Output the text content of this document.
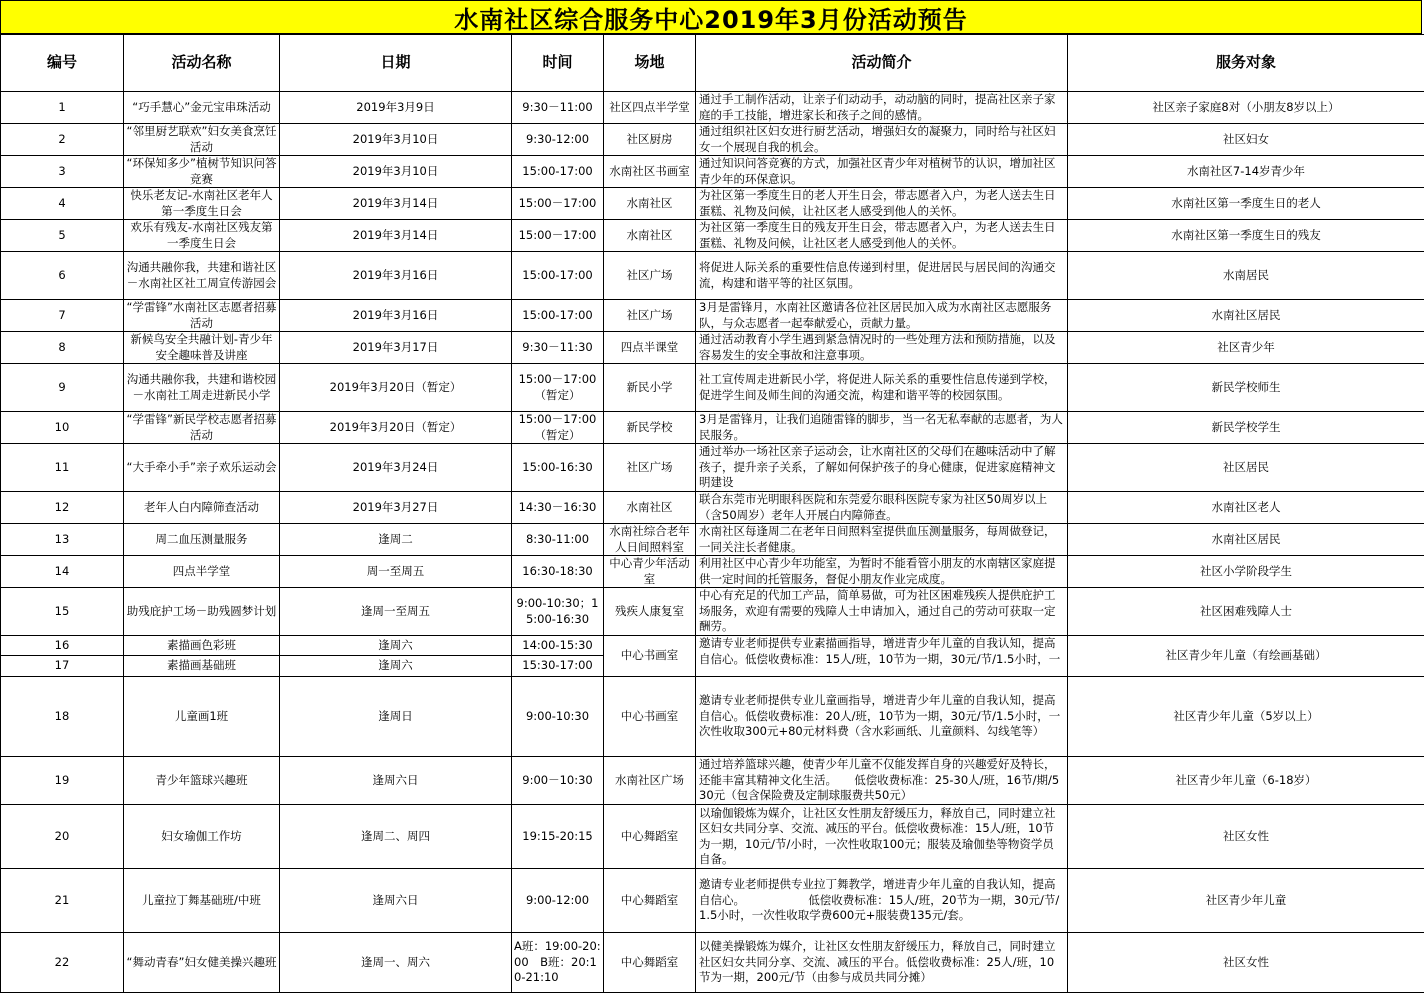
水南社区综合服务中心2019年3月份活动预告
编号	活动名称	日期	时间	场地	活动简介	服务对象
1	“巧手慧心”金元宝串珠活动	2019年3月9日	9:30－11:00	社区四点半学堂	通过手工制作活动，让亲子们动动手，动动脑的同时，提高社区亲子家庭的手工技能，增进家长和孩子之间的感情。	社区亲子家庭8对（小朋友8岁以上）
2	“邻里厨艺联欢”妇女美食烹饪活动	2019年3月10日	9:30-12:00	社区厨房	通过组织社区妇女进行厨艺活动，增强妇女的凝聚力，同时给与社区妇女一个展现自我的机会。	社区妇女
3	“环保知多少”植树节知识问答竞赛	2019年3月10日	15:00-17:00	水南社区书画室	通过知识问答竞赛的方式，加强社区青少年对植树节的认识，增加社区青少年的环保意识。	水南社区7-14岁青少年
4	快乐老友记-水南社区老年人第一季度生日会	2019年3月14日	15:00－17:00	水南社区	为社区第一季度生日的老人开生日会，带志愿者入户，为老人送去生日蛋糕、礼物及问候，让社区老人感受到他人的关怀。	水南社区第一季度生日的老人
5	欢乐有残友-水南社区残友第一季度生日会	2019年3月14日	15:00－17:00	水南社区	为社区第一季度生日的残友开生日会，带志愿者入户，为老人送去生日蛋糕、礼物及问候，让社区老人感受到他人的关怀。	水南社区第一季度生日的残友
6	沟通共融你我，共建和谐社区－水南社区社工周宣传游园会	2019年3月16日	15:00-17:00	社区广场	将促进人际关系的重要性信息传递到村里，促进居民与居民间的沟通交流，构建和谐平等的社区氛围。	水南居民
7	“学雷锋”水南社区志愿者招募活动	2019年3月16日	15:00-17:00	社区广场	3月是雷锋月，水南社区邀请各位社区居民加入成为水南社区志愿服务队，与众志愿者一起奉献爱心，贡献力量。	水南社区居民
8	新候鸟安全共融计划-青少年安全趣味普及讲座	2019年3月17日	9:30－11:30	四点半课堂	通过活动教育小学生遇到紧急情况时的一些处理方法和预防措施，以及容易发生的安全事故和注意事项。	社区青少年
9	沟通共融你我，共建和谐校园－水南社工周走进新民小学	2019年3月20日（暂定）	15:00－17:00（暂定）	新民小学	社工宣传周走进新民小学，将促进人际关系的重要性信息传递到学校，促进学生间及师生间的沟通交流，构建和谐平等的校园氛围。	新民学校师生
10	“学雷锋”新民学校志愿者招募活动	2019年3月20日（暂定）	15:00－17:00（暂定）	新民学校	3月是雷锋月，让我们追随雷锋的脚步，当一名无私奉献的志愿者，为人民服务。	新民学校学生
11	“大手牵小手”亲子欢乐运动会	2019年3月24日	15:00-16:30	社区广场	通过举办一场社区亲子运动会，让水南社区的父母们在趣味活动中了解孩子，提升亲子关系，了解如何保护孩子的身心健康，促进家庭精神文明建设	社区居民
12	老年人白内障筛查活动	2019年3月27日	14:30－16:30	水南社区	联合东莞市光明眼科医院和东莞爱尔眼科医院专家为社区50周岁以上（含50周岁）老年人开展白内障筛查。	水南社区老人
13	周二血压测量服务	逢周二	8:30-11:00	水南社综合老年人日间照料室	水南社区每逢周二在老年日间照料室提供血压测量服务，每周做登记，一同关注长者健康。	水南社区居民
14	四点半学堂	周一至周五	16:30-18:30	中心青少年活动室	利用社区中心青少年功能室，为暂时不能看管小朋友的水南辖区家庭提供一定时间的托管服务，督促小朋友作业完成度。	社区小学阶段学生
15	助残庇护工场－助残圆梦计划	逢周一至周五	9:00-10:30；15:00-16:30	残疾人康复室	中心有充足的代加工产品，简单易做，可为社区困难残疾人提供庇护工场服务，欢迎有需要的残障人士申请加入，通过自己的劳动可获取一定酬劳。	社区困难残障人士
16	素描画色彩班	逢周六	14:00-15:30	中心书画室	邀请专业老师提供专业素描画指导，增进青少年儿童的自我认知，提高自信心。低偿收费标准：15人/班，10节为一期，30元/节/1.5小时，一	社区青少年儿童（有绘画基础）
17	素描画基础班	逢周六	15:30-17:00			
18	儿童画1班	逢周日	9:00-10:30	中心书画室	邀请专业老师提供专业儿童画指导，增进青少年儿童的自我认知，提高自信心。低偿收费标准：20人/班，10节为一期，30元/节/1.5小时，一次性收取300元+80元材料费（含水彩画纸、儿童颜料、勾线笔等）	社区青少年儿童（5岁以上）
19	青少年篮球兴趣班	逢周六日	9:00－10:30	水南社区广场	通过培养篮球兴趣，使青少年儿童不仅能发挥自身的兴趣爱好及特长，还能丰富其精神文化生活。　　低偿收费标准：25-30人/班，16节/期/530元（包含保险费及定制球服费共50元）	社区青少年儿童（6-18岁）
20	妇女瑜伽工作坊	逢周二、周四	19:15-20:15	中心舞蹈室	以瑜伽锻炼为媒介，让社区女性朋友舒缓压力，释放自己，同时建立社区妇女共同分享、交流、减压的平台。低偿收费标准：15人/班，10节为一期，10元/节/小时，一次性收取100元；服装及瑜伽垫等物资学员自备。	社区女性
21	儿童拉丁舞基础班/中班	逢周六日	9:00-12:00	中心舞蹈室	邀请专业老师提供专业拉丁舞教学，增进青少年儿童的自我认知，提高自信心。　　　　　　低偿收费标准：15人/班，20节为一期，30元/节/1.5小时，一次性收取学费600元+服装费135元/套。	社区青少年儿童
22	“舞动青春”妇女健美操兴趣班	逢周一、周六	A班：19:00-20:00　B班：20:10-21:10	中心舞蹈室	以健美操锻炼为媒介，让社区女性朋友舒缓压力，释放自己，同时建立社区妇女共同分享、交流、减压的平台。低偿收费标准：25人/班，10节为一期，200元/节（由参与成员共同分摊）	社区女性
